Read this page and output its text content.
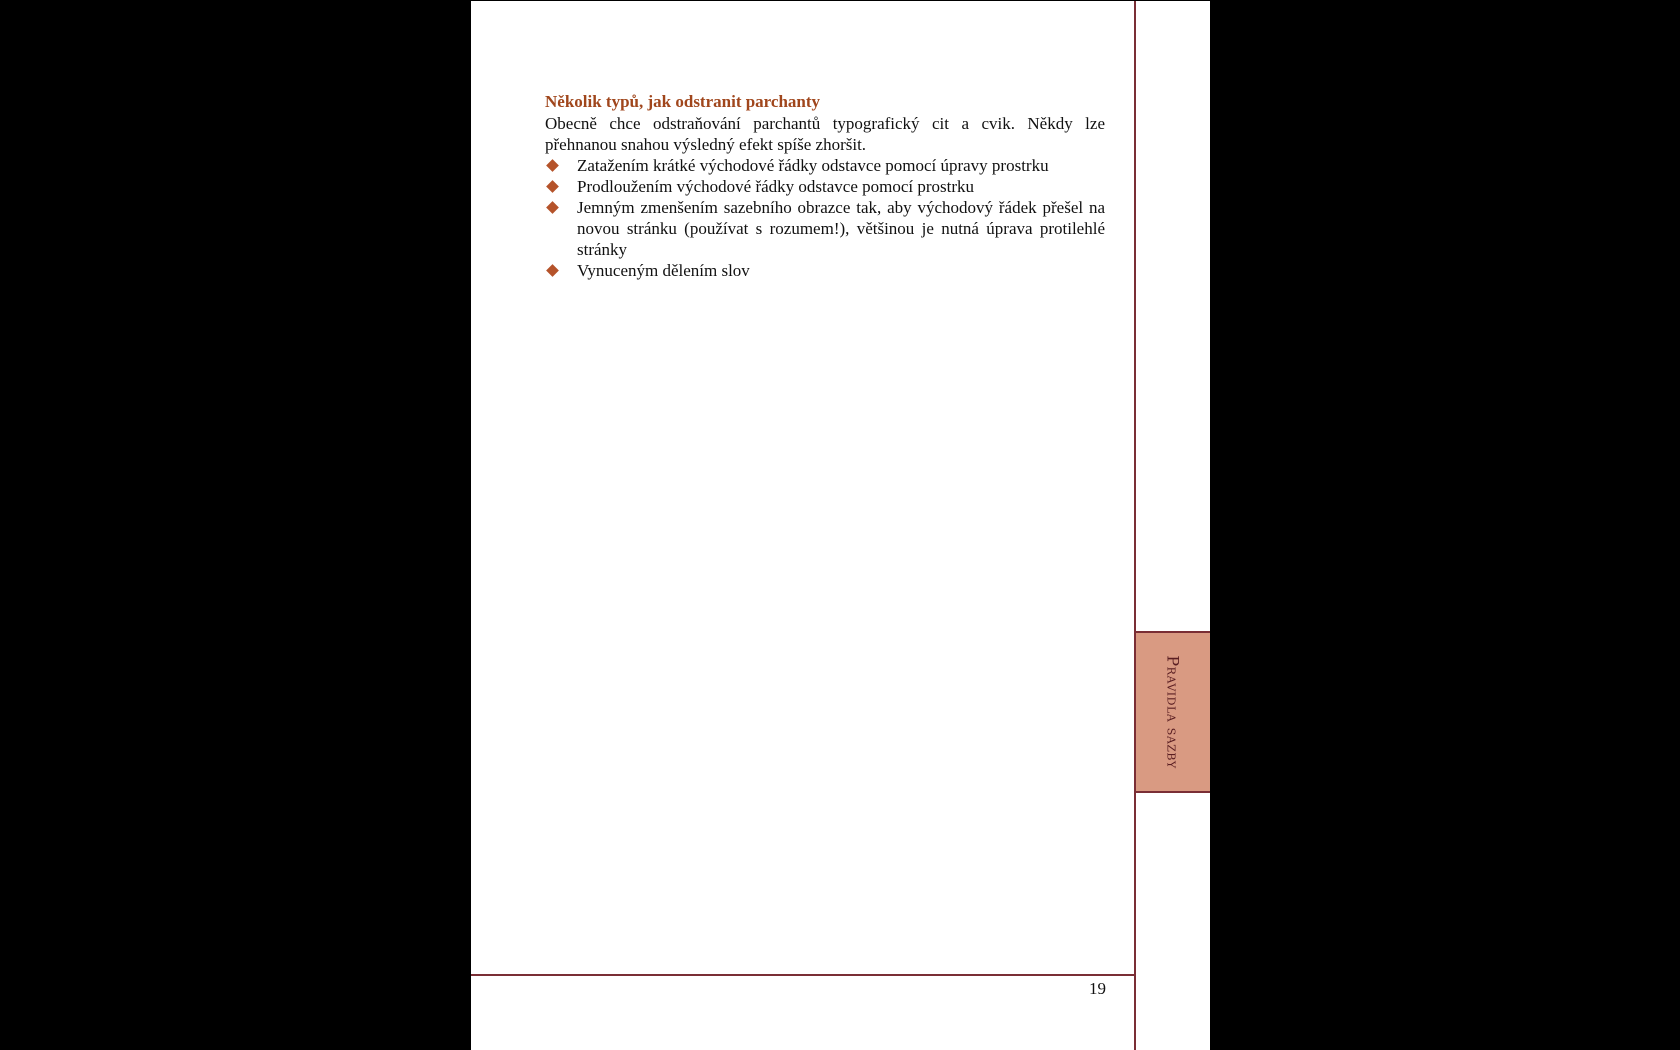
Několik typů, jak odstranit parchanty

Obecně chce odstraňování parchantů typografický cit a cvik. Někdy lze přehnanou snahou výsledný efekt spíše zhoršit.

Zatažením krátké východové řádky odstavce pomocí úpravy prostrku
Prodloužením východové řádky odstavce pomocí prostrku
Jemným zmenšením sazebního obrazce tak, aby východový řádek přešel na novou stránku (používat s rozumem!), většinou je nutná úprava protilehlé stránky
Vynuceným dělením slov
Pravidla sazby
19
